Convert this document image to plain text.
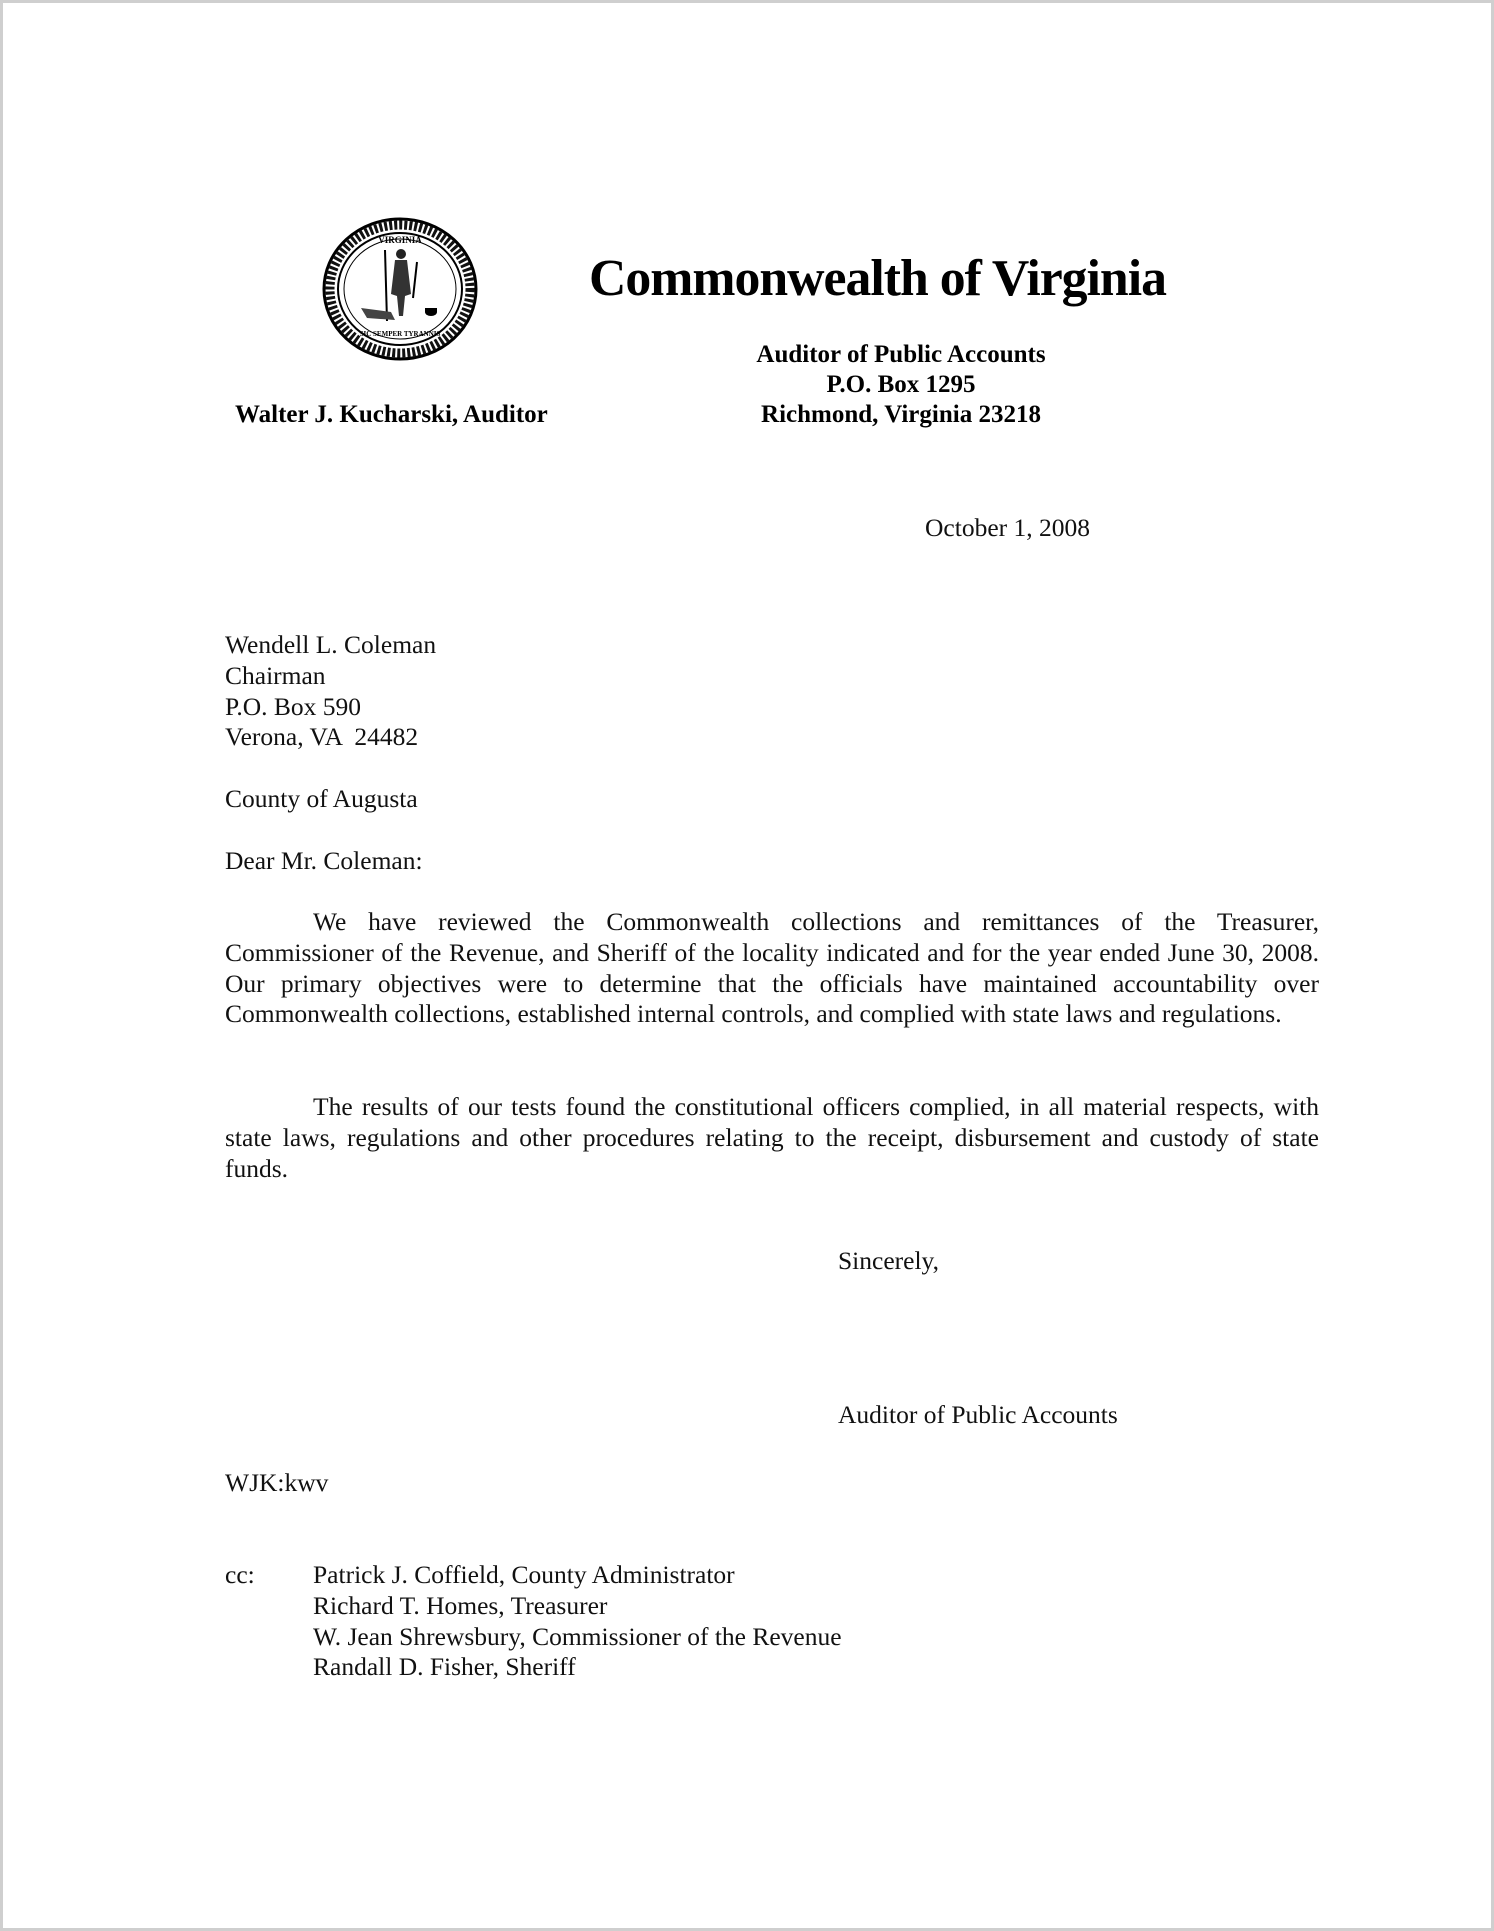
VIRGINIA
SIC SEMPER TYRANNIS
Commonwealth of Virginia
Auditor of Public Accounts
P.O. Box 1295
Richmond, Virginia 23218
Walter J. Kucharski, Auditor
October 1, 2008
Wendell L. Coleman
Chairman
P.O. Box 590
Verona, VA  24482
County of Augusta
Dear Mr. Coleman:
We have reviewed the Commonwealth collections and remittances of the Treasurer, Commissioner of the Revenue, and Sheriff of the locality indicated and for the year ended June 30, 2008.  Our primary objectives were to determine that the officials have maintained accountability over Commonwealth collections, established internal controls, and complied with state laws and regulations.
The results of our tests found the constitutional officers complied, in all material respects, with state laws, regulations and other procedures relating to the receipt, disbursement and custody of state funds.
Sincerely,
Auditor of Public Accounts
WJK:kwv
cc: Patrick J. Coffield, County Administrator
Richard T. Homes, Treasurer
W. Jean Shrewsbury, Commissioner of the Revenue
Randall D. Fisher, Sheriff
